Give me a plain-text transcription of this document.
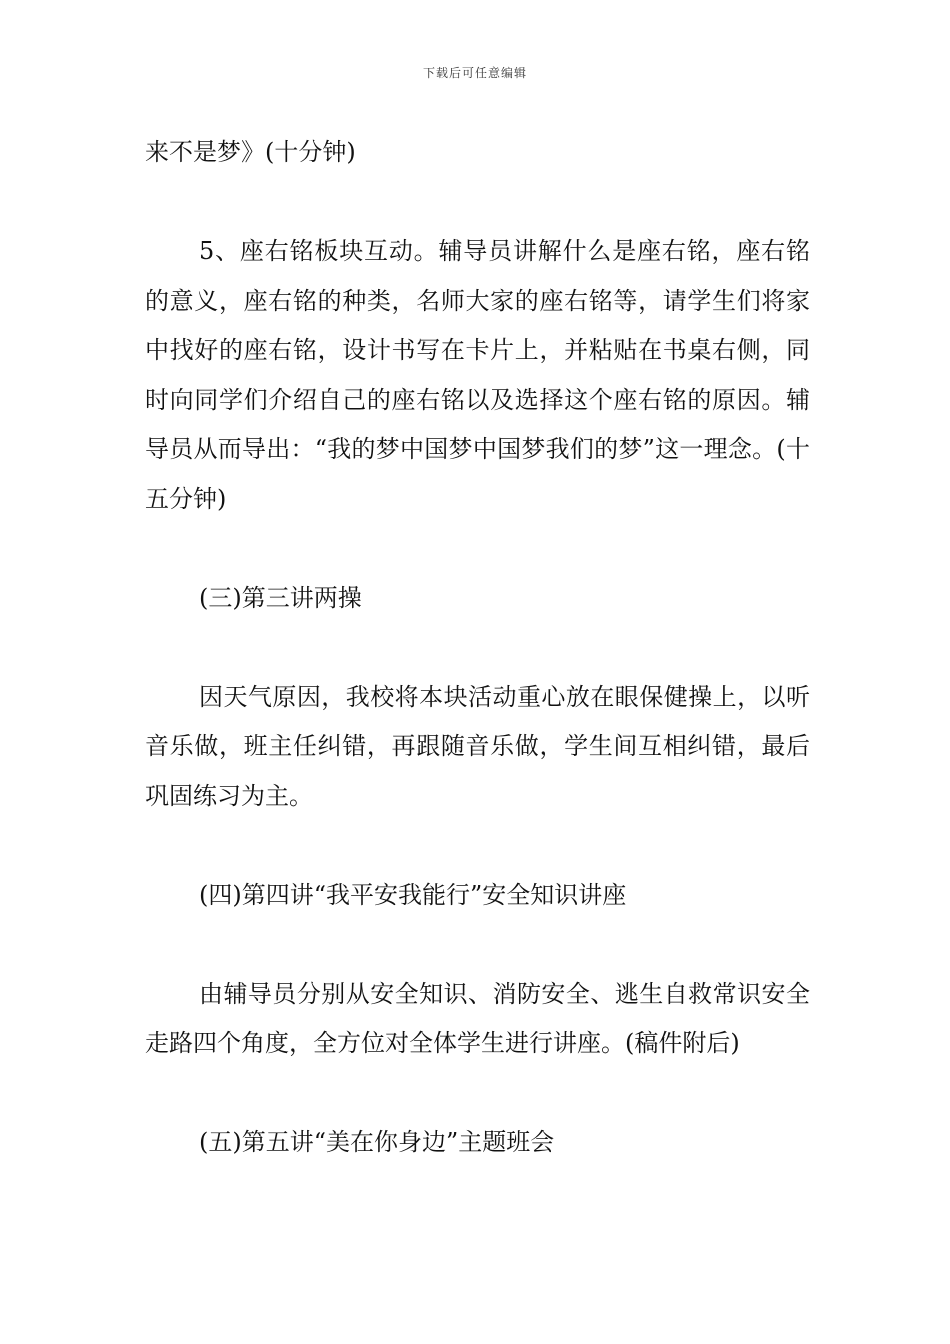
下载后可任意编辑

来不是梦》(十分钟)

5、座右铭板块互动。辅导员讲解什么是座右铭，座右铭的意义，座右铭的种类，名师大家的座右铭等，请学生们将家中找好的座右铭，设计书写在卡片上，并粘贴在书桌右侧，同时向同学们介绍自己的座右铭以及选择这个座右铭的原因。辅导员从而导出：“我的梦中国梦中国梦我们的梦”这一理念。(十五分钟)

(三)第三讲两操

因天气原因，我校将本块活动重心放在眼保健操上，以听音乐做，班主任纠错，再跟随音乐做，学生间互相纠错，最后巩固练习为主。

(四)第四讲“我平安我能行”安全知识讲座

由辅导员分别从安全知识、消防安全、逃生自救常识安全走路四个角度，全方位对全体学生进行讲座。(稿件附后)

(五)第五讲“美在你身边”主题班会
